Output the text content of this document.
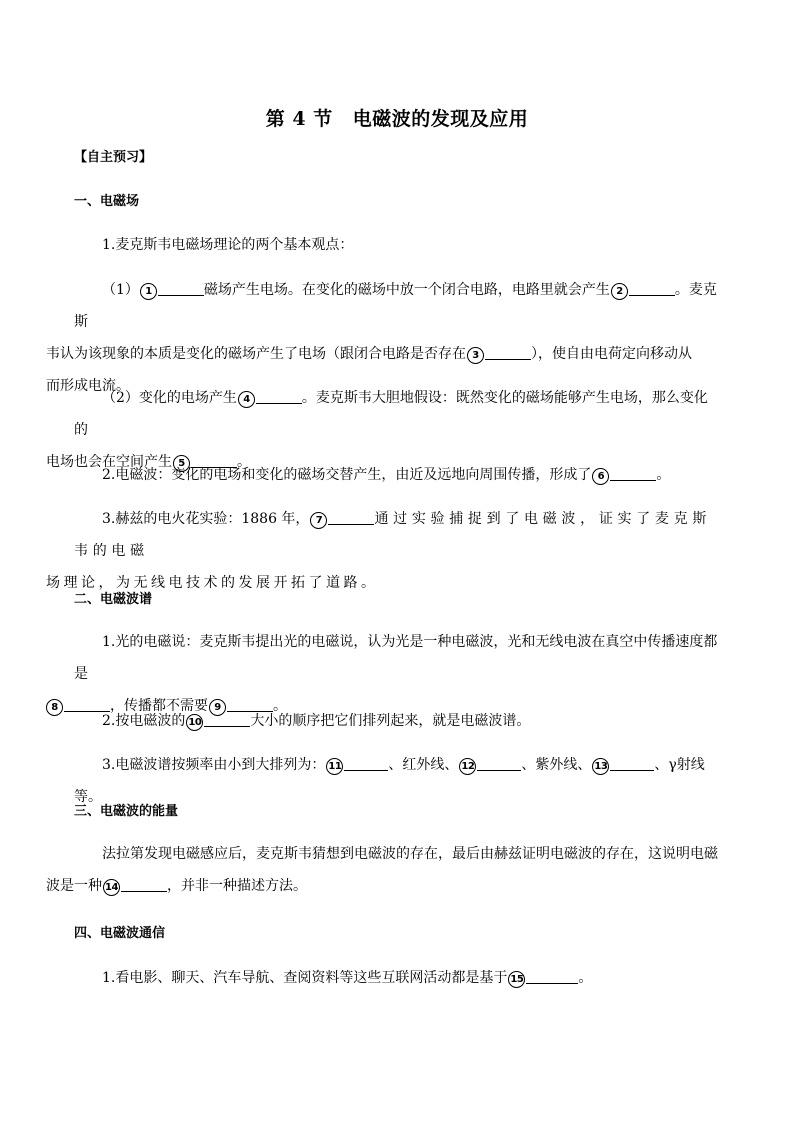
第 4 节 电磁波的发现及应用
【自主预习】
一、电磁场
1.麦克斯韦电磁场理论的两个基本观点：
（1） 1	磁场产生电场。在变化的磁场中放一个闭合电路，电路里就会产生 2	。麦克斯
韦认为该现象的本质是变化的磁场产生了电场（跟闭合电路是否存在 3	），使自由电荷定向移动从
而形成电流。
（2）变化的电场产生 4	。麦克斯韦大胆地假设：既然变化的磁场能够产生电场，那么变化的
电场也会在空间产生 5	。
2.电磁波：变化的电场和变化的磁场交替产生，由近及远地向周围传播，形成了 6	。
3.赫兹的电火花实验：1886 年， 7	通过实验捕捉到了电磁波，证实了麦克斯韦的电磁
场理论，为无线电技术的发展开拓了道路。
二、电磁波谱
1.光的电磁说：麦克斯韦提出光的电磁说，认为光是一种电磁波，光和无线电波在真空中传播速度都是
8	，传播都不需要 9	。
2.按电磁波的 10	大小的顺序把它们排列起来，就是电磁波谱。
3.电磁波谱按频率由小到大排列为： 11	、红外线、 12	、紫外线、 13	、γ射线等。
三、电磁波的能量
法拉第发现电磁感应后，麦克斯韦猜想到电磁波的存在，最后由赫兹证明电磁波的存在，这说明电磁
波是一种 14	，并非一种描述方法。
四、电磁波通信
1.看电影、聊天、汽车导航、查阅资料等这些互联网活动都是基于 15	。
